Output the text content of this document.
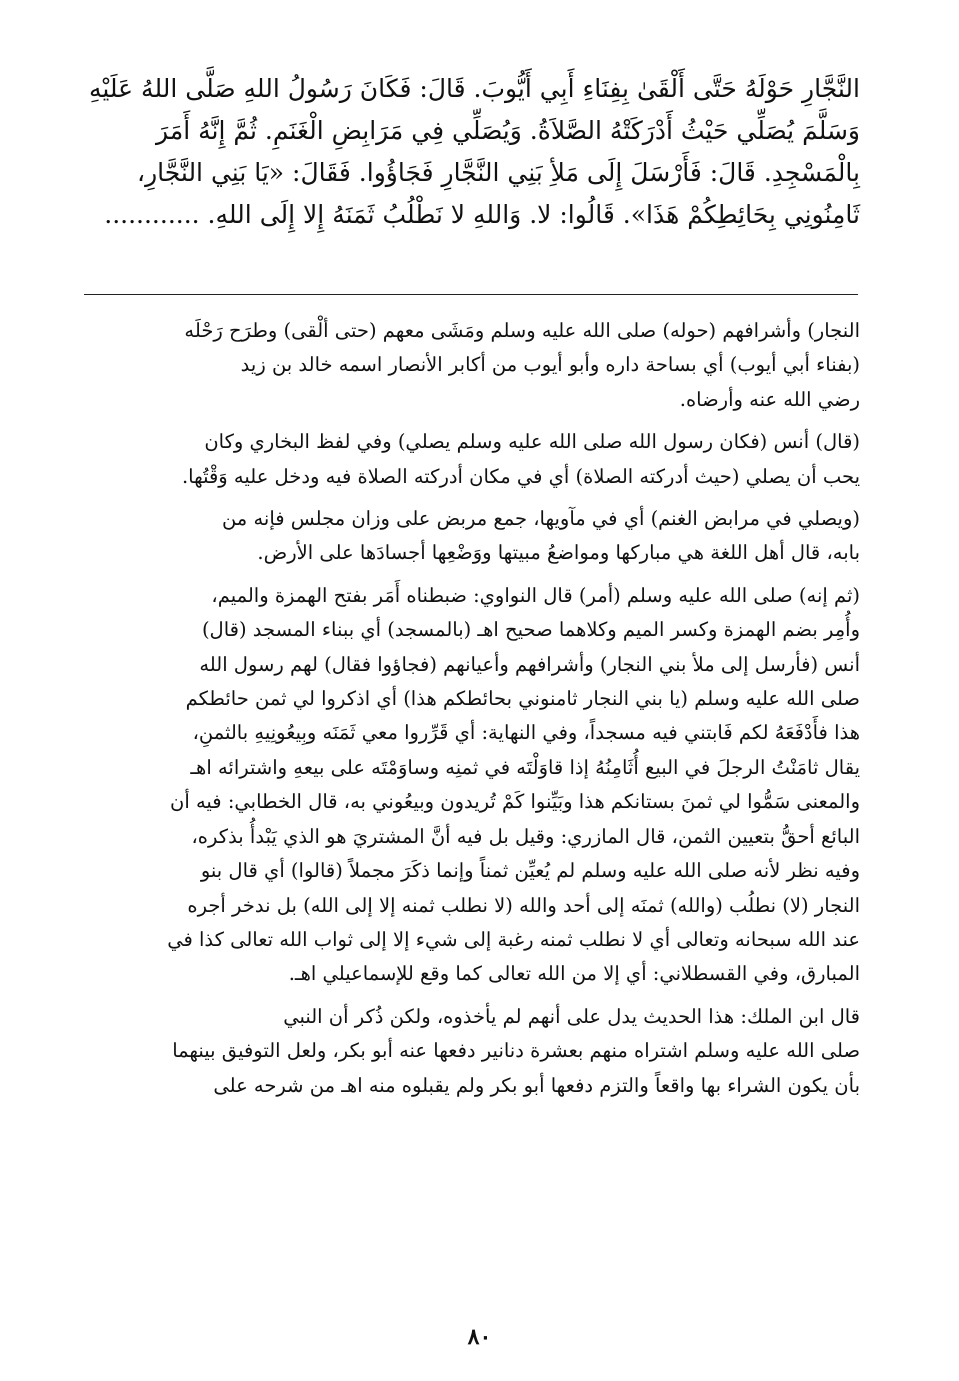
النَّجَّارِ حَوْلَهُ حَتَّى أَلْقَىٰ بِفِنَاءِ أَبِي أَيُّوبَ. قَالَ: فَكَانَ رَسُولُ اللهِ صَلَّى اللهُ عَلَيْهِ
وَسَلَّمَ يُصَلِّي حَيْثُ أَدْرَكَتْهُ الصَّلاَةُ. وَيُصَلِّي فِي مَرَابِضِ الْغَنَمِ. ثُمَّ إِنَّهُ أَمَرَ
بِالْمَسْجِدِ. قَالَ: فَأَرْسَلَ إِلَى مَلأِ بَنِي النَّجَّارِ فَجَاؤُوا. فَقَالَ: «يَا بَنِي النَّجَّارِ،
ثَامِنُونِي بِحَائِطِكُمْ هَذَا». قَالُوا: لا. وَاللهِ لا نَطْلُبُ ثَمَنَهُ إِلا إِلَى اللهِ. ............

النجار) وأشرافهم (حوله) صلى الله عليه وسلم ومَشَى معهم (حتى ألْقى) وطرَح رَحْلَه
(بفناء أبي أيوب) أي بساحة داره وأبو أيوب من أكابر الأنصار اسمه خالد بن زيد
رضي الله عنه وأرضاه.

(قال) أنس (فكان رسول الله صلى الله عليه وسلم يصلي) وفي لفظ البخاري وكان
يحب أن يصلي (حيث أدركته الصلاة) أي في مكان أدركته الصلاة فيه ودخل عليه وَقْتُها.

(ويصلي في مرابض الغنم) أي في مآويها، جمع مربض على وزان مجلس فإنه من
بابه، قال أهل اللغة هي مباركها ومواضعُ مبيتها ووَضْعِها أجسادَها على الأرض.

(ثم إنه) صلى الله عليه وسلم (أمر) قال النواوي: ضبطناه أَمَر بفتح الهمزة والميم،
وأُمِر بضم الهمزة وكسر الميم وكلاهما صحيح اهـ (بالمسجد) أي ببناء المسجد (قال)
أنس (فأرسل إلى ملأ بني النجار) وأشرافهم وأعيانهم (فجاؤوا فقال) لهم رسول الله
صلى الله عليه وسلم (يا بني النجار ثامنوني بحائطكم هذا) أي اذكروا لي ثمن حائطكم
هذا فأَدْفَعَهُ لكم فَابتني فيه مسجداً، وفي النهاية: أي قَرِّروا معي ثَمَنَه وبِيعُونِيهِ بالثمنِ،
يقال ثامَنْتُ الرجلَ في البيع أُثَامِنُهُ إذا قاوَلْتَه في ثمنِه وساوَمْتَه على بيعهِ واشترائه اهـ
والمعنى سَمُّوا لي ثمنَ بستانكم هذا وبَيِّنوا كَمْ تُريدون وبيعُوني به، قال الخطابي: فيه أن
البائع أحقُّ بتعيين الثمن، قال المازري: وقيل بل فيه أنَّ المشتريَ هو الذي يَبْدأُ بذكره،
وفيه نظر لأنه صلى الله عليه وسلم لم يُعيِّن ثمناً وإنما ذكَرَ مجملاً (قالوا) أي قال بنو
النجار (لا) نطلُب (والله) ثمنَه إلى أحد والله (لا نطلب ثمنه إلا إلى الله) بل ندخر أجره
عند الله سبحانه وتعالى أي لا نطلب ثمنه رغبة إلى شيء إلا إلى ثواب الله تعالى كذا في
المبارق، وفي القسطلاني: أي إلا من الله تعالى كما وقع للإسماعيلي اهـ.

قال ابن الملك: هذا الحديث يدل على أنهم لم يأخذوه، ولكن ذُكر أن النبي
صلى الله عليه وسلم اشتراه منهم بعشرة دنانير دفعها عنه أبو بكر، ولعل التوفيق بينهما
بأن يكون الشراء بها واقعاً والتزم دفعها أبو بكر ولم يقبلوه منه اهـ من شرحه على

٨٠
